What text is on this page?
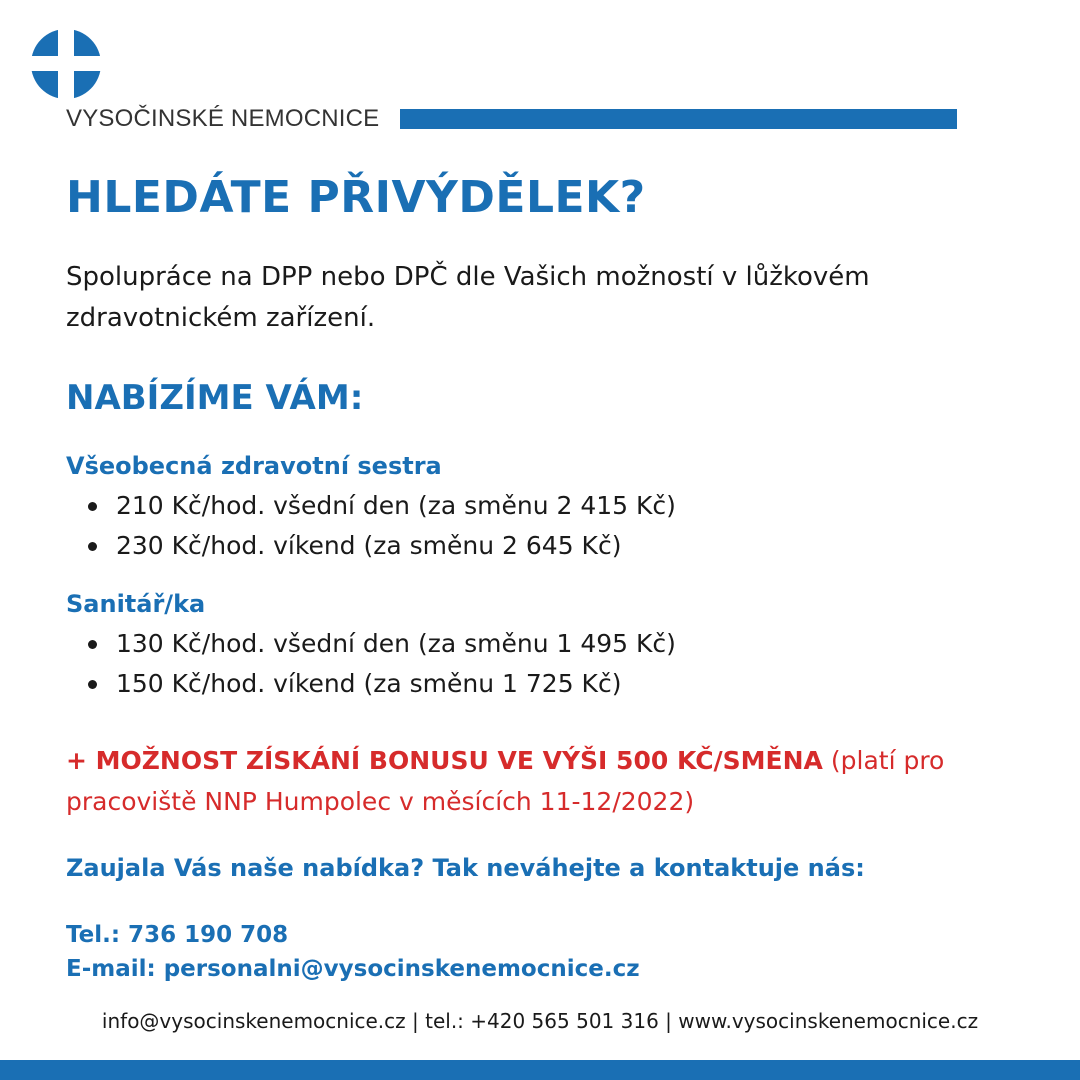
VYSOČINSKÉ NEMOCNICE
HLEDÁTE PŘIVÝDĚLEK?

Spolupráce na DPP nebo DPČ dle Vašich možností v lůžkovém zdravotnickém zařízení.

NABÍZÍME VÁM:
Všeobecná zdravotní sestra
210 Kč/hod. všední den (za směnu 2 415 Kč)
230 Kč/hod. víkend (za směnu 2 645 Kč)
Sanitář/ka
130 Kč/hod. všední den (za směnu 1 495 Kč)
150 Kč/hod. víkend (za směnu 1 725 Kč)

+ MOŽNOST ZÍSKÁNÍ BONUSU VE VÝŠI 500 KČ/SMĚNA (platí pro pracoviště NNP Humpolec v měsících 11-12/2022)

Zaujala Vás naše nabídka? Tak neváhejte a kontaktuje nás:

Tel.: 736 190 708
E-mail: personalni@vysocinskenemocnice.cz
info@vysocinskenemocnice.cz | tel.: +420 565 501 316 | www.vysocinskenemocnice.cz
